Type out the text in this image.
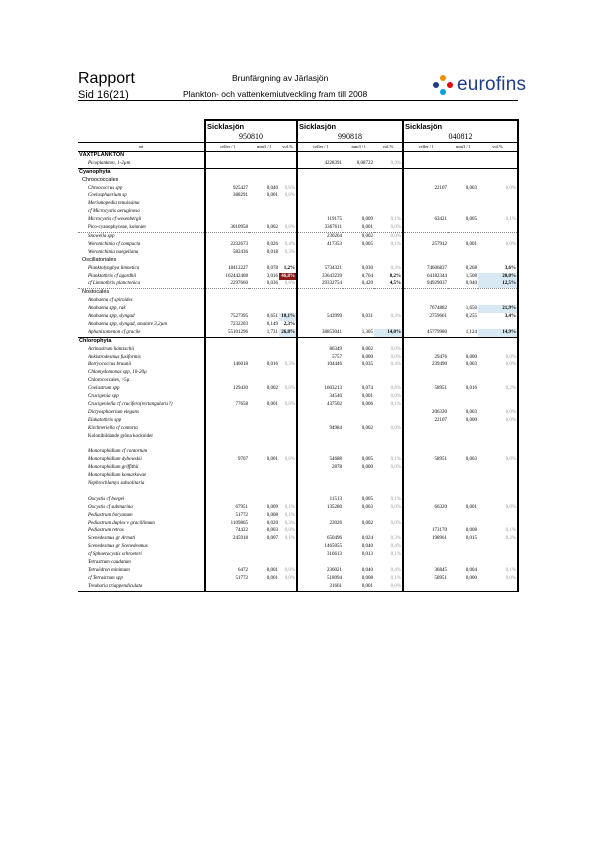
Rapport
Sid 16(21)
Brunfärgning av Järlasjön
Plankton- och vattenkemiutveckling fram till 2008	eurofins
	Sicklasjön			Sicklasjön			Sicklasjön		
	950810			990818			040812		
art	celler / l	mm3 / l	vol.%	celler / l	mm3 / l	vol.%	celler / l	mm3 / l	vol.%
VÄXTPLANKTON									
Picoplankton, 1-2µm				4228391	0,08722	0,9%			
Cyanophyta									
Chroococcales									
Chroococcus spp	925427	0,040	0,6%				22107	0,003	0,0%
Coelosphaerium sp	388291	0,001	0,0%						
Merismopedia tenuissima									
cf Microcystis aeruginosa									
Microcystis cf wesenbergii				119175	0,009	0,1%	63421	0,005	0,1%
Pico-cyanophyceae, kolonier	3010958	0,002	0,0%	3367611	0,001	0,0%			
Snowella spp				230264	0,002	0,0%			
Woronichinia cf compacta	2232673	0,026	0,4%	417353	0,005	0,1%	257912	0,001	0,0%
Woronichinia naegeliana	582436	0,018	0,3%						
Oscillatoriales									
Planktolyngbya limnetica	18412227	0,078	1,2%	5734321	0,030	0,3%	74606837	0,268	3,6%
Planktothrix cf agardhii	162442408	3,016	46,8%	33643239	0,764	8,2%	64182344	1,508	20,0%
cf Limnothrix planctonica	2297660	0,036	0,6%	29332754	0,420	4,5%	94929037	0,940	12,5%
Nostocales									
Anabaena cf spiroides									
Anabaena spp, rak							7674882	1,650	21,9%
Anabaena spp, slyngad	7527395	0,651	10,1%	543999	0,031	0,3%	2759661	0,255	3,4%
Anabaena spp, slyngad, smalare 3,2µm	7232203	0,149	2,3%						
Aphanizomenon cf gracile	55101296	1,731	26,8%	38853041	1,305	14,0%	45779980	1,124	14,9%
Chlorophyta									
Actinastrum hantzschii				86349	0,002	0,0%			
Ankistrodesmus fusiformis				5757	0,000	0,0%	29476	0,000	0,0%
Botryococcus braunii	146018	0,016	0,3%	104446	0,035	0,4%	239490	0,003	0,0%
Chlamydomonas spp, 10-20µ									
Chlorococcales, >5µ									
Coelastrum spp	129430	0,002	0,0%	1603213	0,074	0,8%	58951	0,016	0,2%
Crucigenia spp				34540	0,001	0,0%			
Crucigeniella cf crucifera(rectangularis?)	77658	0,001	0,0%	437502	0,006	0,1%			
Dictyosphaerium elegans							206330	0,003	0,0%
Elakatothrix spp							22107	0,000	0,0%
Kirchneriella cf contorta				94984	0,002	0,0%			
Kolonibildande gröna kockoider									

Monoraphidium cf contortum									
Monoraphidium dybowskii	9707	0,001	0,0%	54688	0,005	0,1%	58951	0,003	0,0%
Monoraphidium griffithii				2878	0,000	0,0%			
Monoraphidium komarkovae									
Nephrochlamys subsolitaria									

Oocystis cf borgei				11513	0,005	0,1%			
Oocystis cf submarina	67951	0,009	0,1%	135280	0,003	0,0%	66320	0,001	0,0%
Pediastrum boryanum	51772	0,008	0,1%						
Pediastrum duplex v gracillimum	1109865	0,020	0,3%	23026	0,002	0,0%			
Pediastrum tetras	74422	0,003	0,0%				173170	0,008	0,1%
Scenedesmus gr Armati	245918	0,007	0,1%	650496	0,024	0,3%	198961	0,015	0,2%
Scenedesmus gr Scenedesmus				1465055	0,040	0,4%			
cf Sphaerocystis schroeteri				316613	0,013	0,1%			
Tetrastrum caudatum									
Tetraëdron minimum	6472	0,001	0,0%	236021	0,040	0,4%	36845	0,004	0,1%
cf Tetrastrum spp	51772	0,001	0,0%	518094	0,008	0,1%	58951	0,000	0,0%
Treubaria triappendiculata				31661	0,001	0,0%			
